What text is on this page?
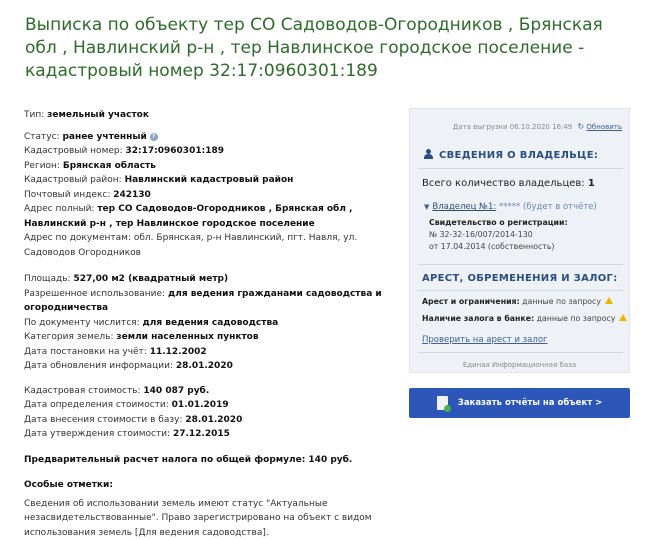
Выписка по объекту тер СО Садоводов-Огородников , Брянская обл , Навлинский р-н , тер Навлинское городское поселение - кадастровый номер 32:17:0960301:189

Тип: земельный участок

Статус: ранее учтенный ?

Кадастровый номер: 32:17:0960301:189

Регион: Брянская область

Кадастровый район: Навлинский кадастровый район

Почтовый индекс: 242130

Адрес полный: тер СО Садоводов-Огородников , Брянская обл , Навлинский р-н , тер Навлинское городское поселение

Адрес по документам: обл. Брянская, р-н Навлинский, пгт. Навля, ул. Садоводов Огородников

Площадь: 527,00 м2 (квадратный метр)

Разрешенное использование: для ведения гражданами садоводства и огородничества

По документу числится: для ведения садоводства

Категория земель: земли населенных пунктов

Дата постановки на учёт: 11.12.2002

Дата обновления информации: 28.01.2020

Кадастровая стоимость: 140 087 руб.

Дата определения стоимости: 01.01.2019

Дата внесения стоимости в базу: 28.01.2020

Дата утверждения стоимости: 27.12.2015

Предварительный расчет налога по общей формуле: 140 руб.

Особые отметки:

Сведения об использовании земель имеют статус "Актуальные незасвидетельствованные". Право зарегистрировано на объект с видом использования земель [Для ведения садоводства].

Дата выгрузки 06.10.2020 16:49 ↻ Обновить
СВЕДЕНИЯ О ВЛАДЕЛЬЦЕ:
Всего количество владельцев: 1
▼ Владелец №1: ***** (будет в отчёте)
Свидетельство о регистрации:
№ 32-32-16/007/2014-130
от 17.04.2014 (собственность)
АРЕСТ, ОБРЕМЕНЕНИЯ И ЗАЛОГ:
Арест и ограничения: данные по запросу
Наличие залога в банке: данные по запросу
Проверить на арест и залог
Единая Информационная база
Заказать отчёты на объект >
